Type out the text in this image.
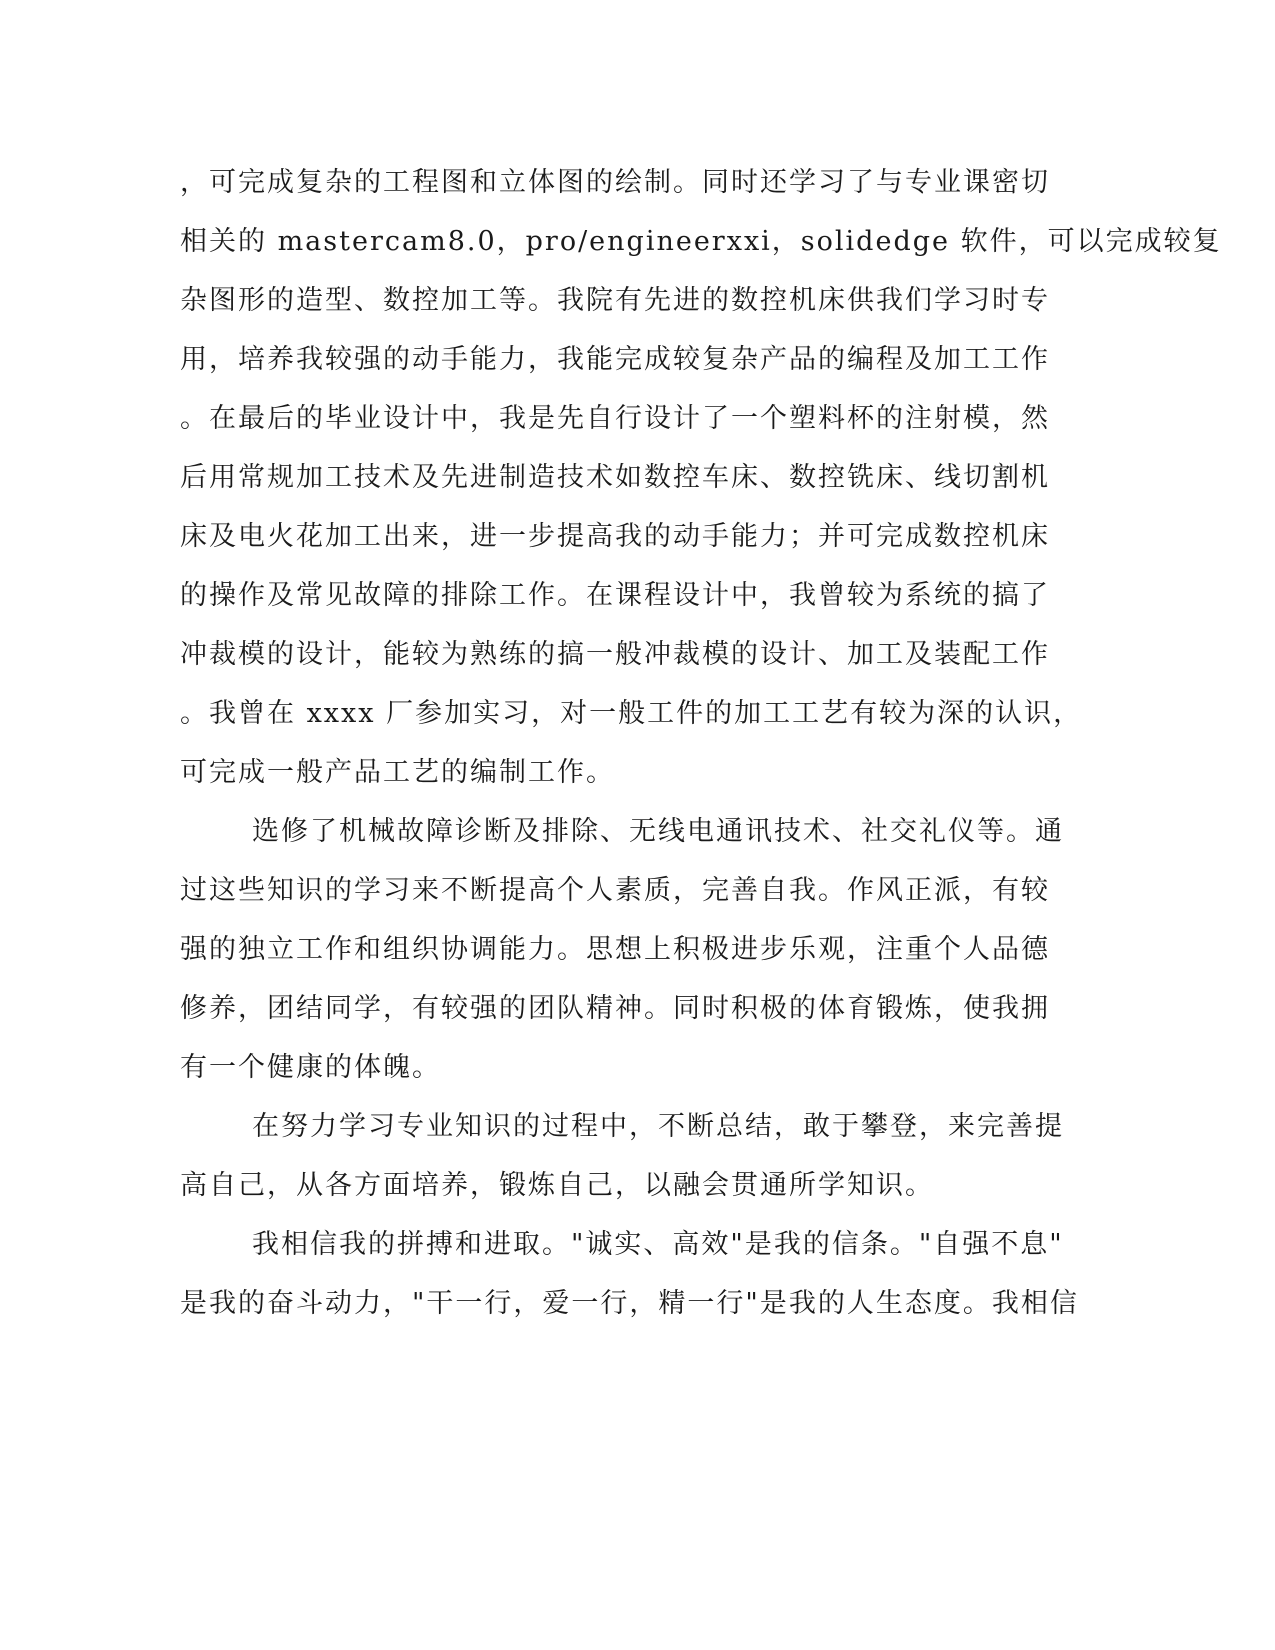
，可完成复杂的工程图和立体图的绘制。同时还学习了与专业课密切
相关的 mastercam8.0，pro/engineerxxi，solidedge 软件，可以完成较复
杂图形的造型、数控加工等。我院有先进的数控机床供我们学习时专
用，培养我较强的动手能力，我能完成较复杂产品的编程及加工工作
。在最后的毕业设计中，我是先自行设计了一个塑料杯的注射模，然
后用常规加工技术及先进制造技术如数控车床、数控铣床、线切割机
床及电火花加工出来，进一步提高我的动手能力；并可完成数控机床
的操作及常见故障的排除工作。在课程设计中，我曾较为系统的搞了
冲裁模的设计，能较为熟练的搞一般冲裁模的设计、加工及装配工作
。我曾在 xxxx 厂参加实习，对一般工件的加工工艺有较为深的认识，
可完成一般产品工艺的编制工作。
选修了机械故障诊断及排除、无线电通讯技术、社交礼仪等。通
过这些知识的学习来不断提高个人素质，完善自我。作风正派，有较
强的独立工作和组织协调能力。思想上积极进步乐观，注重个人品德
修养，团结同学，有较强的团队精神。同时积极的体育锻炼，使我拥
有一个健康的体魄。
在努力学习专业知识的过程中，不断总结，敢于攀登，来完善提
高自己，从各方面培养，锻炼自己，以融会贯通所学知识。
我相信我的拼搏和进取。"诚实、高效"是我的信条。"自强不息"
是我的奋斗动力，"干一行，爱一行，精一行"是我的人生态度。我相信
